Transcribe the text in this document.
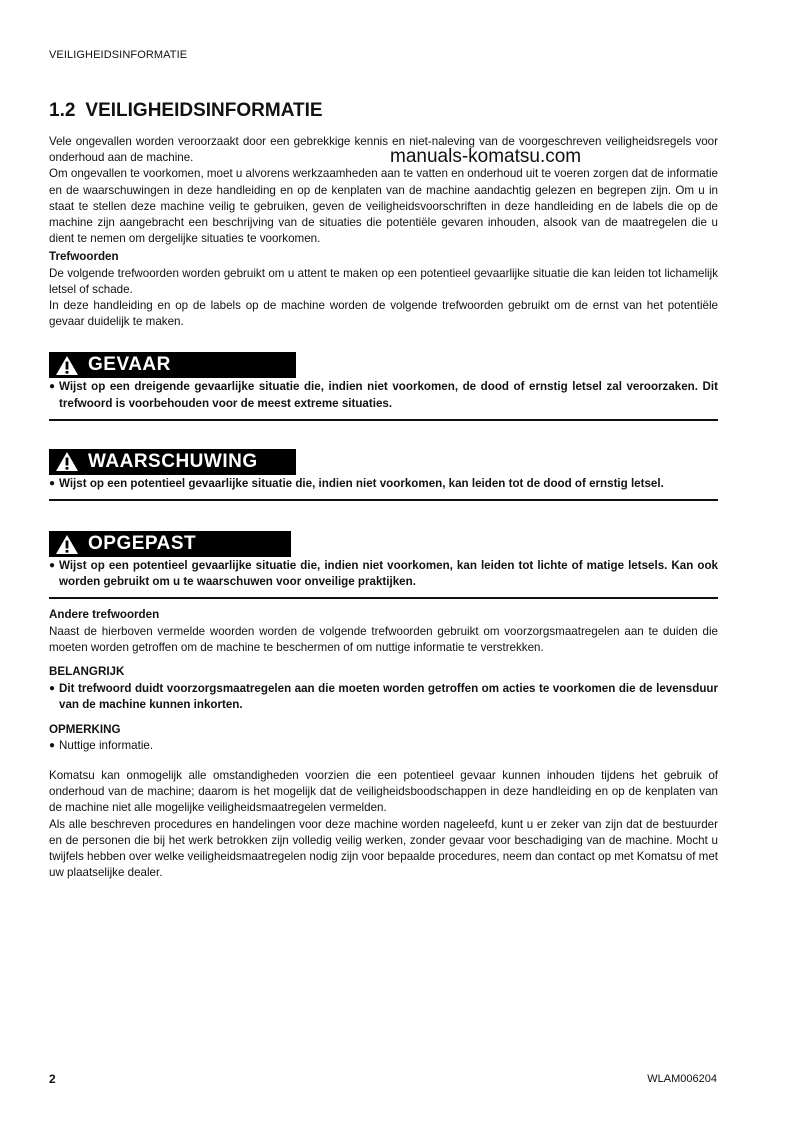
VEILIGHEIDSINFORMATIE
1.2 VEILIGHEIDSINFORMATIE
manuals-komatsu.com

Vele ongevallen worden veroorzaakt door een gebrekkige kennis en niet-naleving van de voorgeschreven veiligheidsregels voor onderhoud aan de machine.

Om ongevallen te voorkomen, moet u alvorens werkzaamheden aan te vatten en onderhoud uit te voeren zorgen dat de informatie en de waarschuwingen in deze handleiding en op de kenplaten van de machine aandachtig gelezen en begrepen zijn. Om u in staat te stellen deze machine veilig te gebruiken, geven de veiligheidsvoorschriften in deze handleiding en de labels die op de machine zijn aangebracht een beschrijving van de situaties die potentiële gevaren inhouden, alsook van de maatregelen die u dient te nemen om dergelijke situaties te voorkomen.

Trefwoorden

De volgende trefwoorden worden gebruikt om u attent te maken op een potentieel gevaarlijke situatie die kan leiden tot lichamelijk letsel of schade.

In deze handleiding en op de labels op de machine worden de volgende trefwoorden gebruikt om de ernst van het potentiële gevaar duidelijk te maken.

GEVAAR
● Wijst op een dreigende gevaarlijke situatie die, indien niet voorkomen, de dood of ernstig letsel zal veroorzaken. Dit trefwoord is voorbehouden voor de meest extreme situaties.
WAARSCHUWING
● Wijst op een potentieel gevaarlijke situatie die, indien niet voorkomen, kan leiden tot de dood of ernstig letsel.
OPGEPAST
● Wijst op een potentieel gevaarlijke situatie die, indien niet voorkomen, kan leiden tot lichte of matige letsels. Kan ook worden gebruikt om u te waarschuwen voor onveilige praktijken.
Andere trefwoorden

Naast de hierboven vermelde woorden worden de volgende trefwoorden gebruikt om voorzorgsmaatregelen aan te duiden die moeten worden getroffen om de machine te beschermen of om nuttige informatie te verstrekken.

BELANGRIJK
● Dit trefwoord duidt voorzorgsmaatregelen aan die moeten worden getroffen om acties te voorkomen die de levensduur van de machine kunnen inkorten.
OPMERKING
● Nuttige informatie.

Komatsu kan onmogelijk alle omstandigheden voorzien die een potentieel gevaar kunnen inhouden tijdens het gebruik of onderhoud van de machine; daarom is het mogelijk dat de veiligheidsboodschappen in deze handleiding en op de kenplaten van de machine niet alle mogelijke veiligheidsmaatregelen vermelden.

Als alle beschreven procedures en handelingen voor deze machine worden nageleefd, kunt u er zeker van zijn dat de bestuurder en de personen die bij het werk betrokken zijn volledig veilig werken, zonder gevaar voor beschadiging van de machine. Mocht u twijfels hebben over welke veiligheidsmaatregelen nodig zijn voor bepaalde procedures, neem dan contact op met Komatsu of met uw plaatselijke dealer.

2	WLAM006204
